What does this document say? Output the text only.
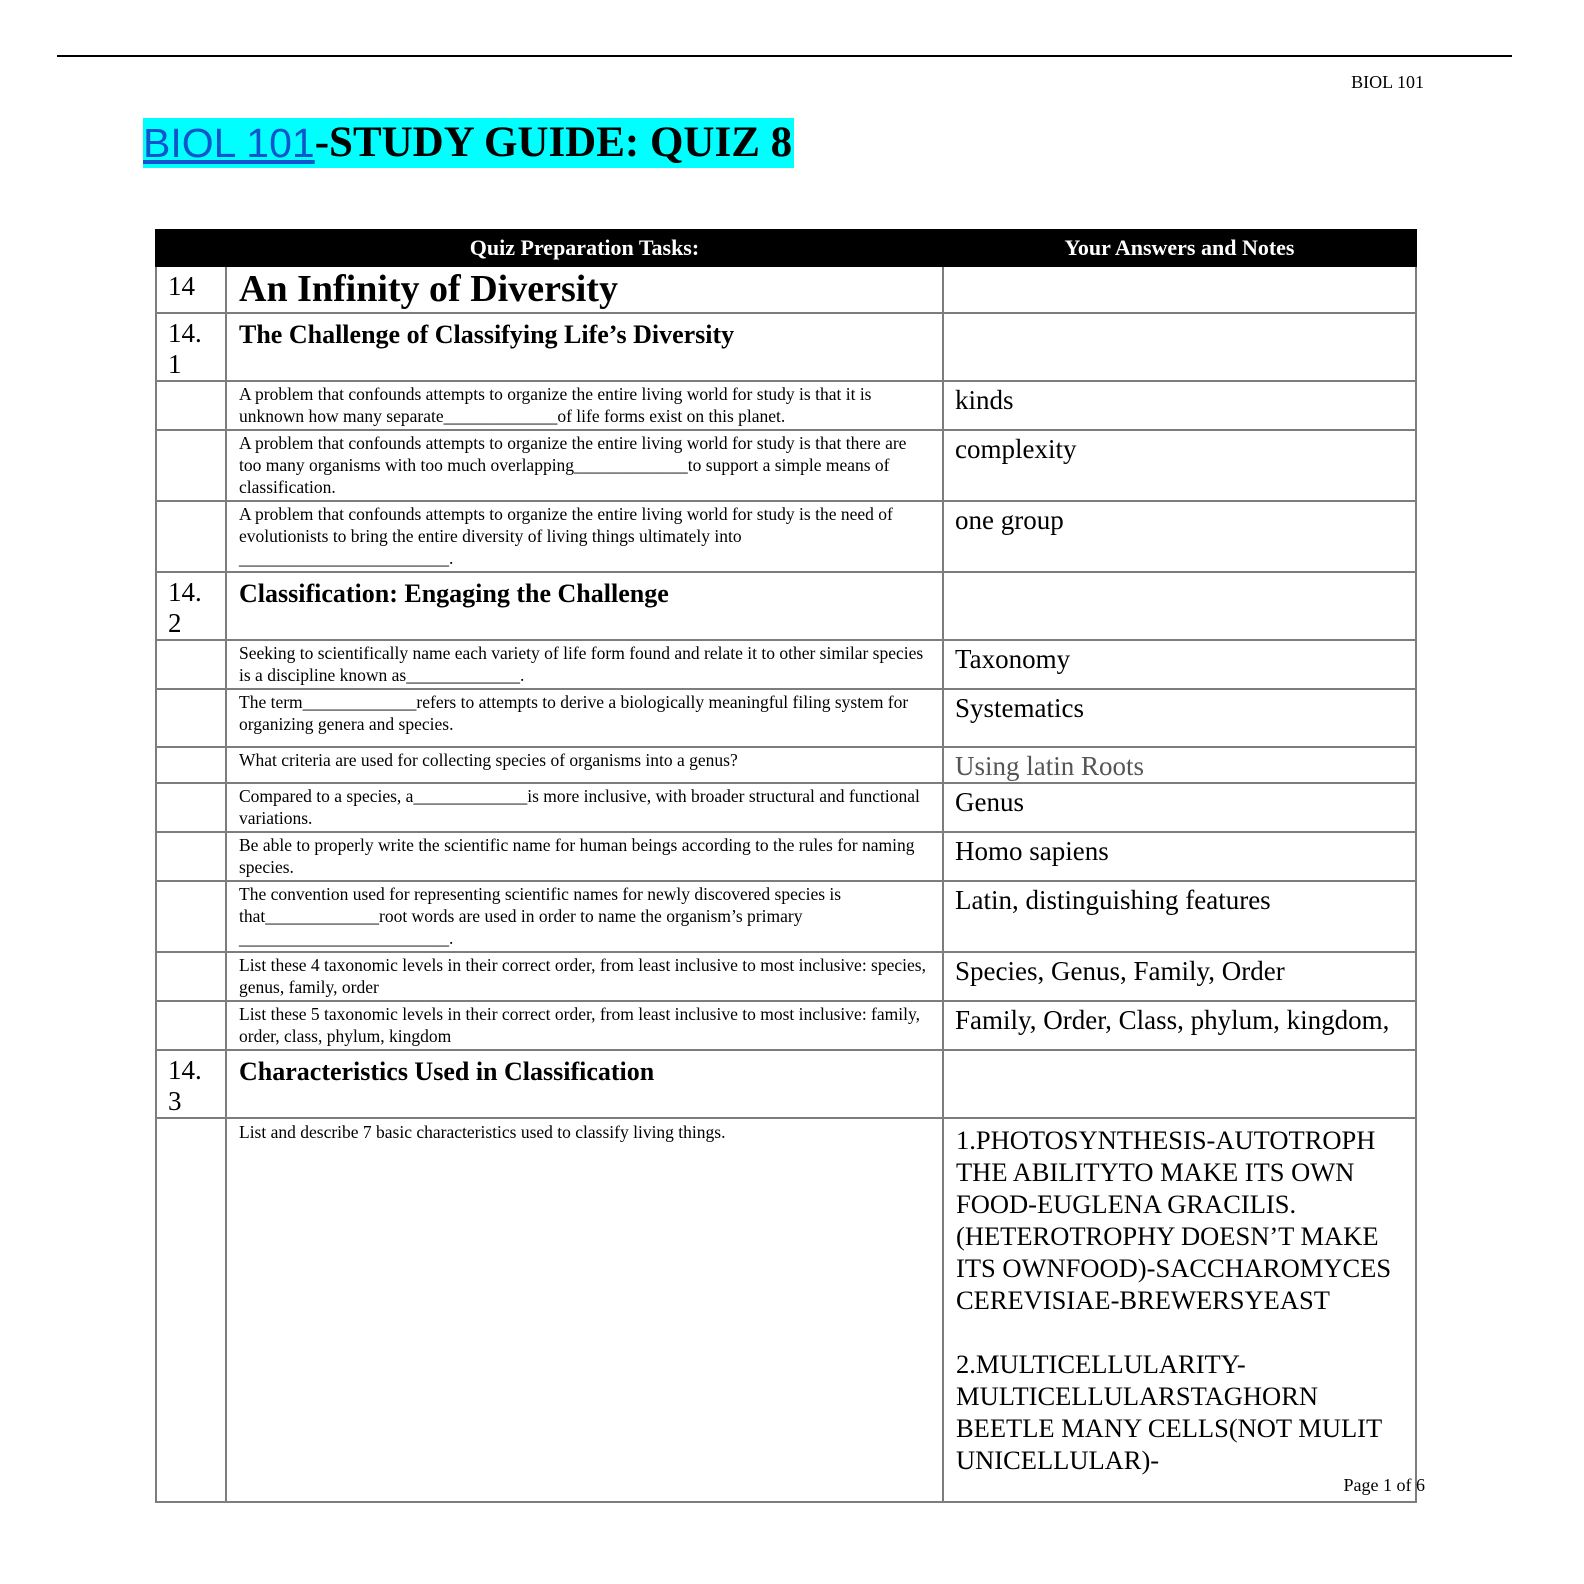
BIOL 101
BIOL 101 -STUDY GUIDE: QUIZ 8
	Quiz Preparation Tasks:	Your Answers and Notes
14	An Infinity of Diversity	
14.
1	The Challenge of Classifying Life’s Diversity	
	A problem that confounds attempts to organize the entire living world for study is that it is unknown how many separate_____________of life forms exist on this planet.	kinds
	A problem that confounds attempts to organize the entire living world for study is that there are too many organisms with too much overlapping_____________to support a simple means of classification.	complexity
	A problem that confounds attempts to organize the entire living world for study is the need of evolutionists to bring the entire diversity of living things ultimately into ________________________.	one group
14.
2	Classification: Engaging the Challenge	
	Seeking to scientifically name each variety of life form found and relate it to other similar species is a discipline known as_____________.	Taxonomy
	The term_____________refers to attempts to derive a biologically meaningful filing system for organizing genera and species.	Systematics
	What criteria are used for collecting species of organisms into a genus?	Using latin Roots
	Compared to a species, a_____________is more inclusive, with broader structural and functional variations.	Genus
	Be able to properly write the scientific name for human beings according to the rules for naming species.	Homo sapiens
	The convention used for representing scientific names for newly discovered species is that_____________root words are used in order to name the organism’s primary ________________________.	Latin, distinguishing features
	List these 4 taxonomic levels in their correct order, from least inclusive to most inclusive: species, genus, family, order	Species, Genus, Family, Order
	List these 5 taxonomic levels in their correct order, from least inclusive to most inclusive: family, order, class, phylum, kingdom	Family, Order, Class, phylum, kingdom,
14.
3	Characteristics Used in Classification	
	List and describe 7 basic characteristics used to classify living things.	1.PHOTOSYNTHESIS-AUTOTROPH THE ABILITYTO MAKE ITS OWN FOOD-EUGLENA GRACILIS. (HETEROTROPHY DOESN’T MAKE ITS OWNFOOD)-SACCHAROMYCES CEREVISIAE-BREWERSYEAST

2.MULTICELLULARITY-MULTICELLULARSTAGHORN BEETLE MANY CELLS(NOT MULIT UNICELLULAR)-
Page 1 of 6
